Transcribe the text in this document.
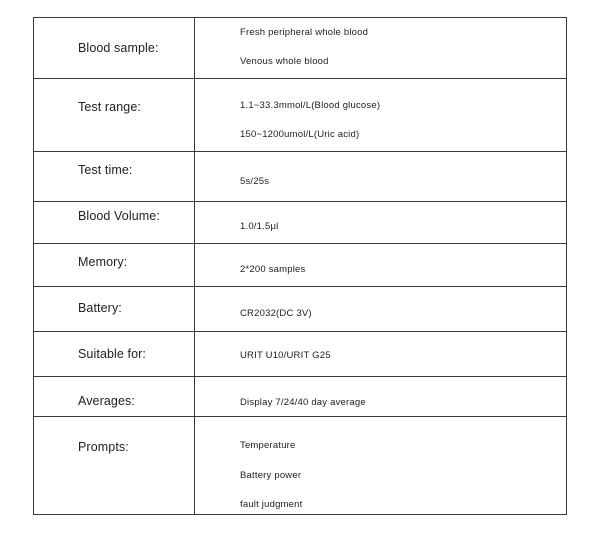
Blood sample:
Fresh peripheral whole blood
Venous whole blood
Test range:	1.1~33.3mmol/L(Blood glucose)
150~1200umol/L(Uric acid)
Test time:
5s/25s
Blood Volume:
1.0/1.5μl
Memory:
2*200 samples
Battery:	CR2032(DC 3V)
Suitable for:	URIT U10/URIT G25
Averages:	Display 7/24/40 day average
Prompts:	Temperature
Battery power
fault judgment
